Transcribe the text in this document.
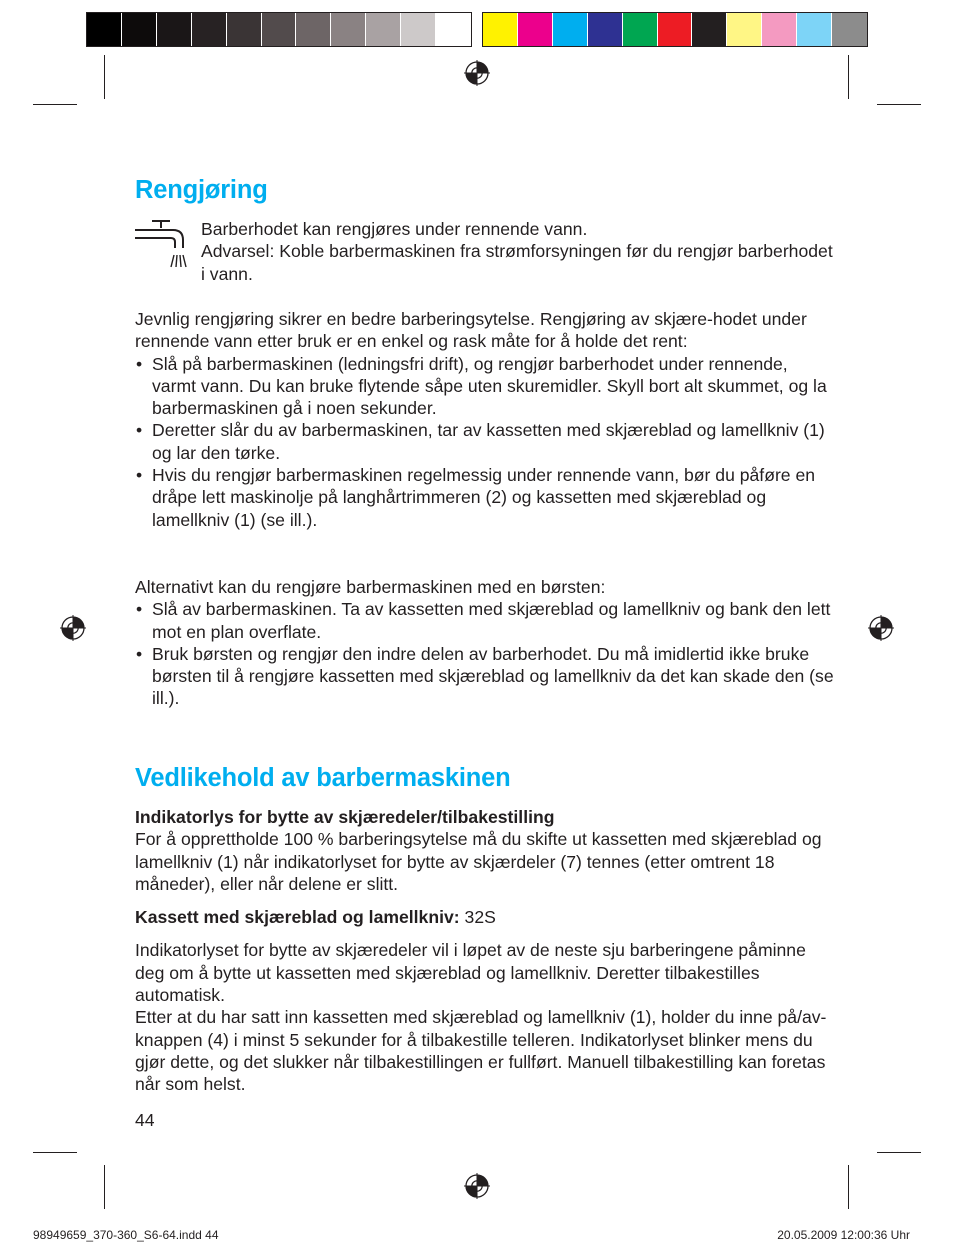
Rengjøring

Barberhodet kan rengjøres under rennende vann.

Advarsel: Koble barbermaskinen fra strømforsyningen før du rengjør barberhodet i vann.

Jevnlig rengjøring sikrer en bedre barberingsytelse. Rengjøring av skjære-hodet under rennende vann etter bruk er en enkel og rask måte for å holde det rent:

• Slå på barbermaskinen (ledningsfri drift), og rengjør barberhodet under rennende, varmt vann. Du kan bruke flytende såpe uten skuremidler. Skyll bort alt skummet, og la barbermaskinen gå i noen sekunder.

• Deretter slår du av barbermaskinen, tar av kassetten med skjæreblad og lamellkniv (1) og lar den tørke.

• Hvis du rengjør barbermaskinen regelmessig under rennende vann, bør du påføre en dråpe lett maskinolje på langhårtrimmeren (2) og kassetten med skjæreblad og lamellkniv (1) (se ill.).

Alternativt kan du rengjøre barbermaskinen med en børsten:

• Slå av barbermaskinen. Ta av kassetten med skjæreblad og lamellkniv og bank den lett mot en plan overflate.

• Bruk børsten og rengjør den indre delen av barberhodet. Du må imidlertid ikke bruke børsten til å rengjøre kassetten med skjæreblad og lamellkniv da det kan skade den (se ill.).

Vedlikehold av barbermaskinen

Indikatorlys for bytte av skjæredeler/tilbakestilling

For å opprettholde 100 % barberingsytelse må du skifte ut kassetten med skjæreblad og lamellkniv (1) når indikatorlyset for bytte av skjærdeler (7) tennes (etter omtrent 18 måneder), eller når delene er slitt.

Kassett med skjæreblad og lamellkniv: 32S

Indikatorlyset for bytte av skjæredeler vil i løpet av de neste sju barberingene påminne deg om å bytte ut kassetten med skjæreblad og lamellkniv. Deretter tilbakestilles automatisk.

Etter at du har satt inn kassetten med skjæreblad og lamellkniv (1), holder du inne på/av-knappen (4) i minst 5 sekunder for å tilbakestille telleren. Indikatorlyset blinker mens du gjør dette, og det slukker når tilbakestillingen er fullført. Manuell tilbakestilling kan foretas når som helst.

44
98949659_370-360_S6-64.indd 44	20.05.2009 12:00:36 Uhr
